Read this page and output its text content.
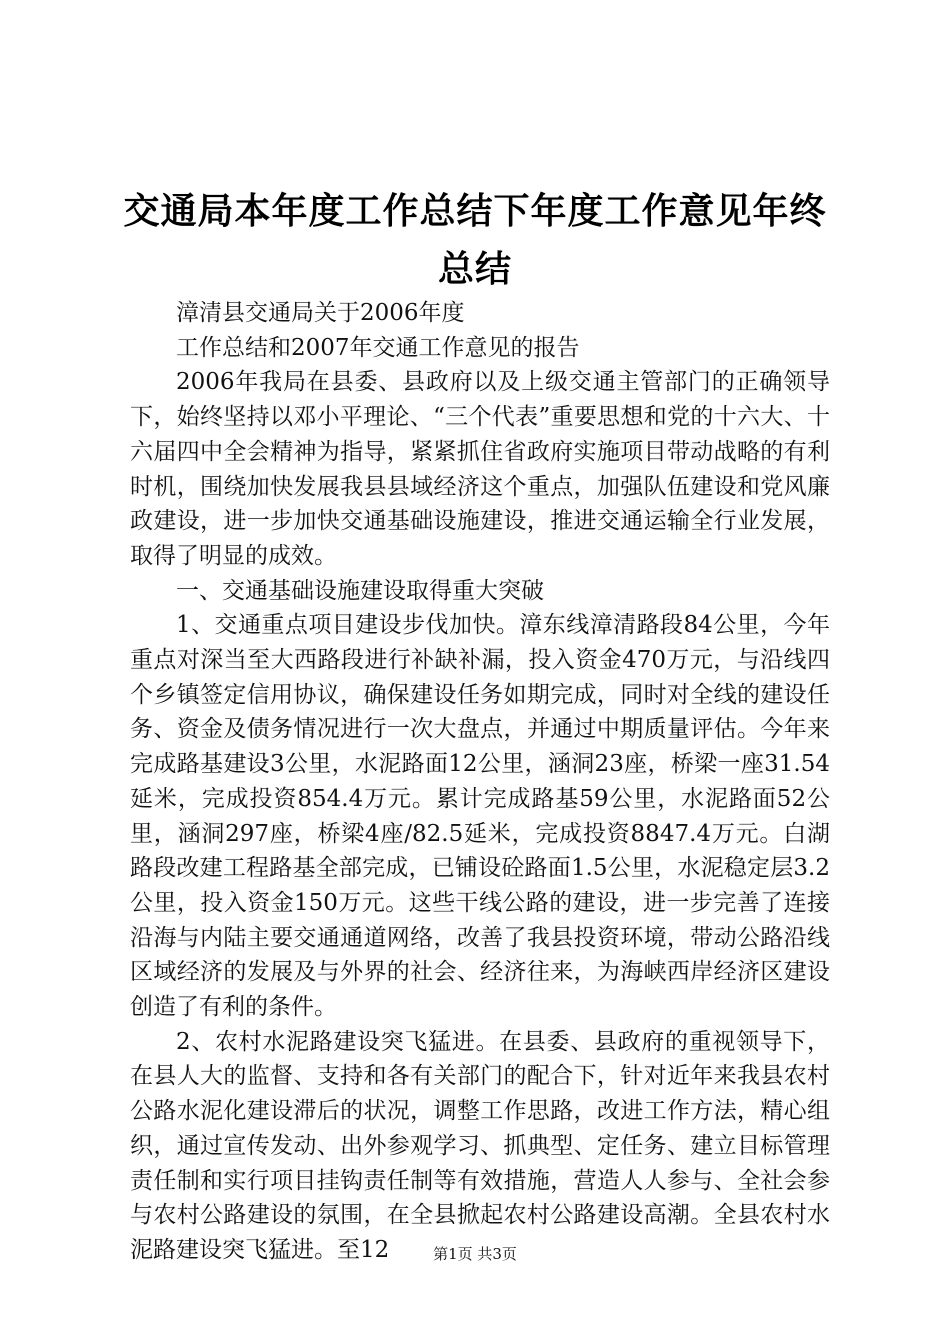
交通局本年度工作总结下年度工作意见年终总结

漳清县交通局关于2006年度

工作总结和2007年交通工作意见的报告

2006年我局在县委、县政府以及上级交通主管部门的正确领导下，始终坚持以邓小平理论、“三个代表”重要思想和党的十六大、十六届四中全会精神为指导，紧紧抓住省政府实施项目带动战略的有利时机，围绕加快发展我县县域经济这个重点，加强队伍建设和党风廉政建设，进一步加快交通基础设施建设，推进交通运输全行业发展，取得了明显的成效。

一、交通基础设施建设取得重大突破

1、交通重点项目建设步伐加快。漳东线漳清路段84公里，今年重点对深当至大西路段进行补缺补漏，投入资金470万元，与沿线四个乡镇签定信用协议，确保建设任务如期完成，同时对全线的建设任务、资金及债务情况进行一次大盘点，并通过中期质量评估。今年来完成路基建设3公里，水泥路面12公里，涵洞23座，桥梁一座31.54延米，完成投资854.4万元。累计完成路基59公里，水泥路面52公里，涵洞297座，桥梁4座/82.5延米，完成投资8847.4万元。白湖路段改建工程路基全部完成，已铺设砼路面1.5公里，水泥稳定层3.2公里，投入资金150万元。这些干线公路的建设，进一步完善了连接沿海与内陆主要交通通道网络，改善了我县投资环境，带动公路沿线区域经济的发展及与外界的社会、经济往来，为海峡西岸经济区建设创造了有利的条件。

2、农村水泥路建设突飞猛进。在县委、县政府的重视领导下，在县人大的监督、支持和各有关部门的配合下，针对近年来我县农村公路水泥化建设滞后的状况，调整工作思路，改进工作方法，精心组织，通过宣传发动、出外参观学习、抓典型、定任务、建立目标管理责任制和实行项目挂钩责任制等有效措施，营造人人参与、全社会参与农村公路建设的氛围，在全县掀起农村公路建设高潮。全县农村水泥路建设突飞猛进。至12	第1页 共3页
